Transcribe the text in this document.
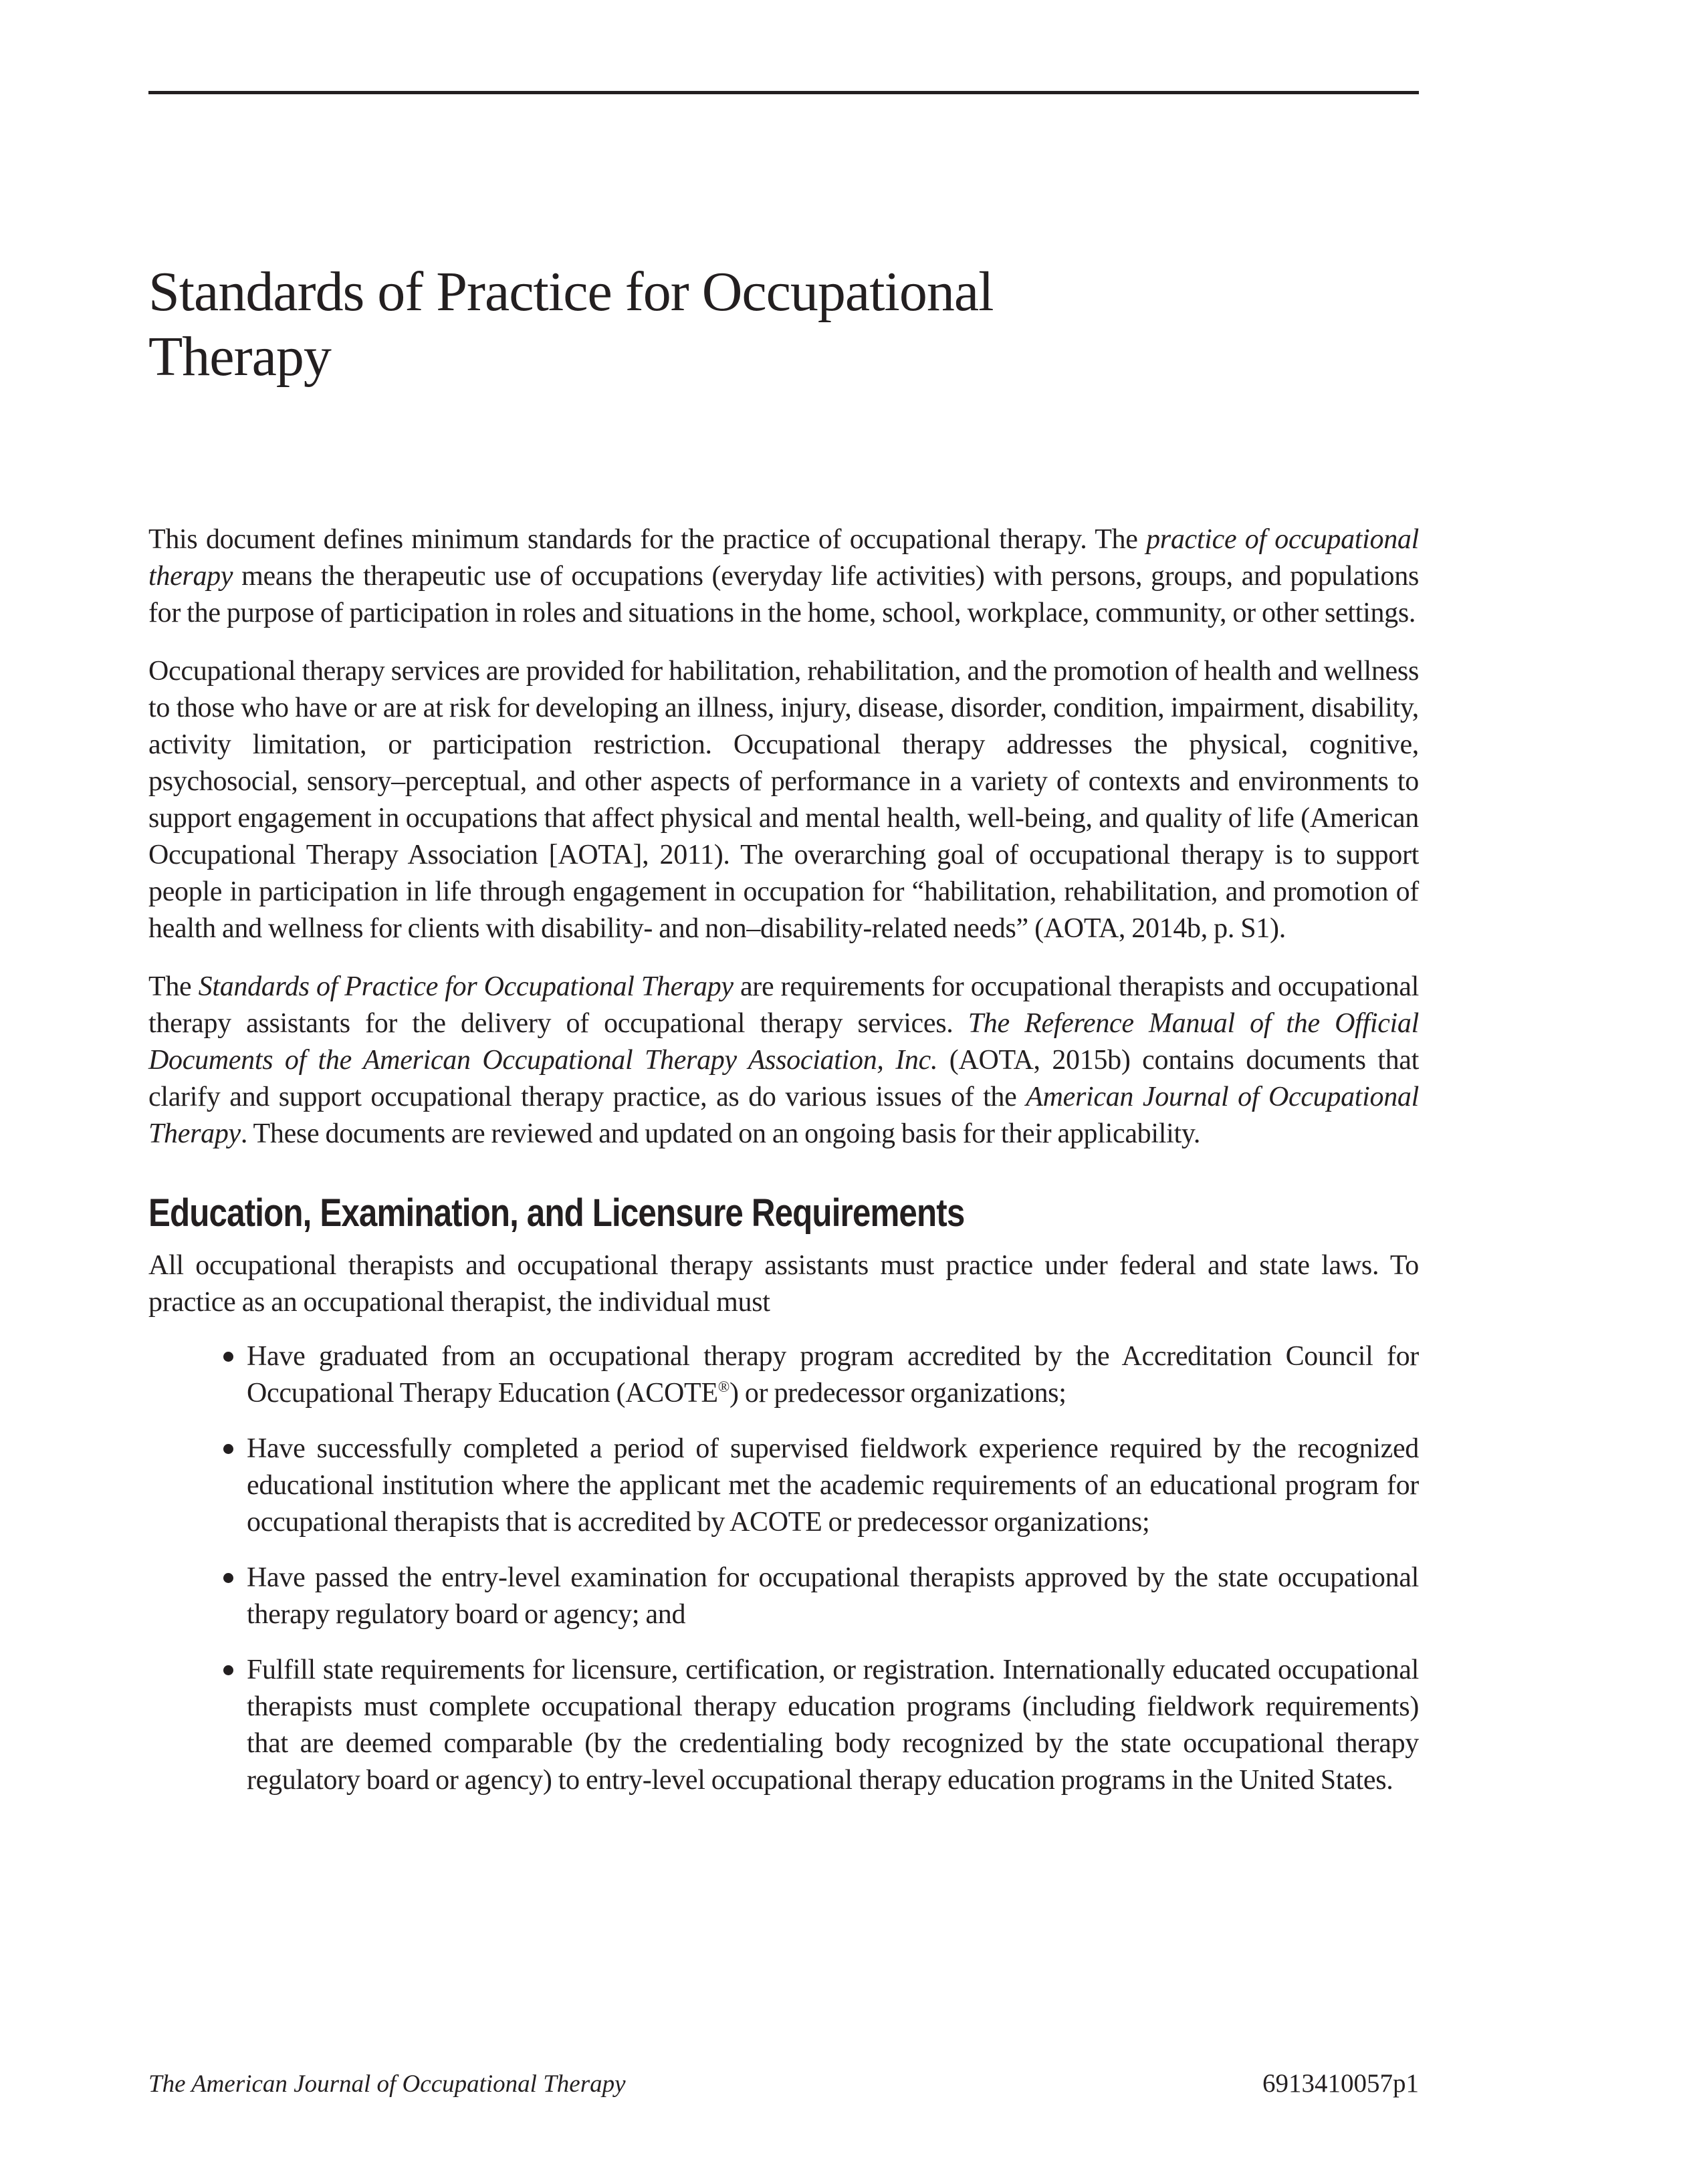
Standards of Practice for Occupational
Therapy

This document defines minimum standards for the practice of occupational therapy. The practice of occupational therapy means the therapeutic use of occupations (everyday life activities) with persons, groups, and populations for the purpose of participation in roles and situations in the home, school, workplace, community, or other settings.

Occupational therapy services are provided for habilitation, rehabilitation, and the promotion of health and wellness to those who have or are at risk for developing an illness, injury, disease, disorder, condition, impairment, disability, activity limitation, or participation restriction. Occupational therapy addresses the physical, cognitive, psychosocial, sensory–perceptual, and other aspects of performance in a variety of contexts and environments to support engagement in occupations that affect physical and mental health, well-being, and quality of life (American Occupational Therapy Association [AOTA], 2011). The overarching goal of occupational therapy is to support people in participation in life through engagement in occupation for “habilitation, rehabilitation, and promotion of health and wellness for clients with disability- and non–disability-related needs” (AOTA, 2014b, p. S1).

The Standards of Practice for Occupational Therapy are requirements for occupational therapists and occupational therapy assistants for the delivery of occupational therapy services. The Reference Manual of the Official Documents of the American Occupational Therapy Association, Inc. (AOTA, 2015b) contains documents that clarify and support occupational therapy practice, as do various issues of the American Journal of Occupational Therapy. These documents are reviewed and updated on an ongoing basis for their applicability.

Education, Examination, and Licensure Requirements

All occupational therapists and occupational therapy assistants must practice under federal and state laws. To practice as an occupational therapist, the individual must

Have graduated from an occupational therapy program accredited by the Accreditation Council for Occupational Therapy Education (ACOTE®) or predecessor organizations;
Have successfully completed a period of supervised fieldwork experience required by the recognized educational institution where the applicant met the academic requirements of an educational program for occupational therapists that is accredited by ACOTE or predecessor organizations;
Have passed the entry-level examination for occupational therapists approved by the state occupational therapy regulatory board or agency; and
Fulfill state requirements for licensure, certification, or registration. Internationally educated occupational therapists must complete occupational therapy education programs (including fieldwork requirements) that are deemed comparable (by the credentialing body recognized by the state occupational therapy regulatory board or agency) to entry-level occupational therapy education programs in the United States.
The American Journal of Occupational Therapy	6913410057p1
